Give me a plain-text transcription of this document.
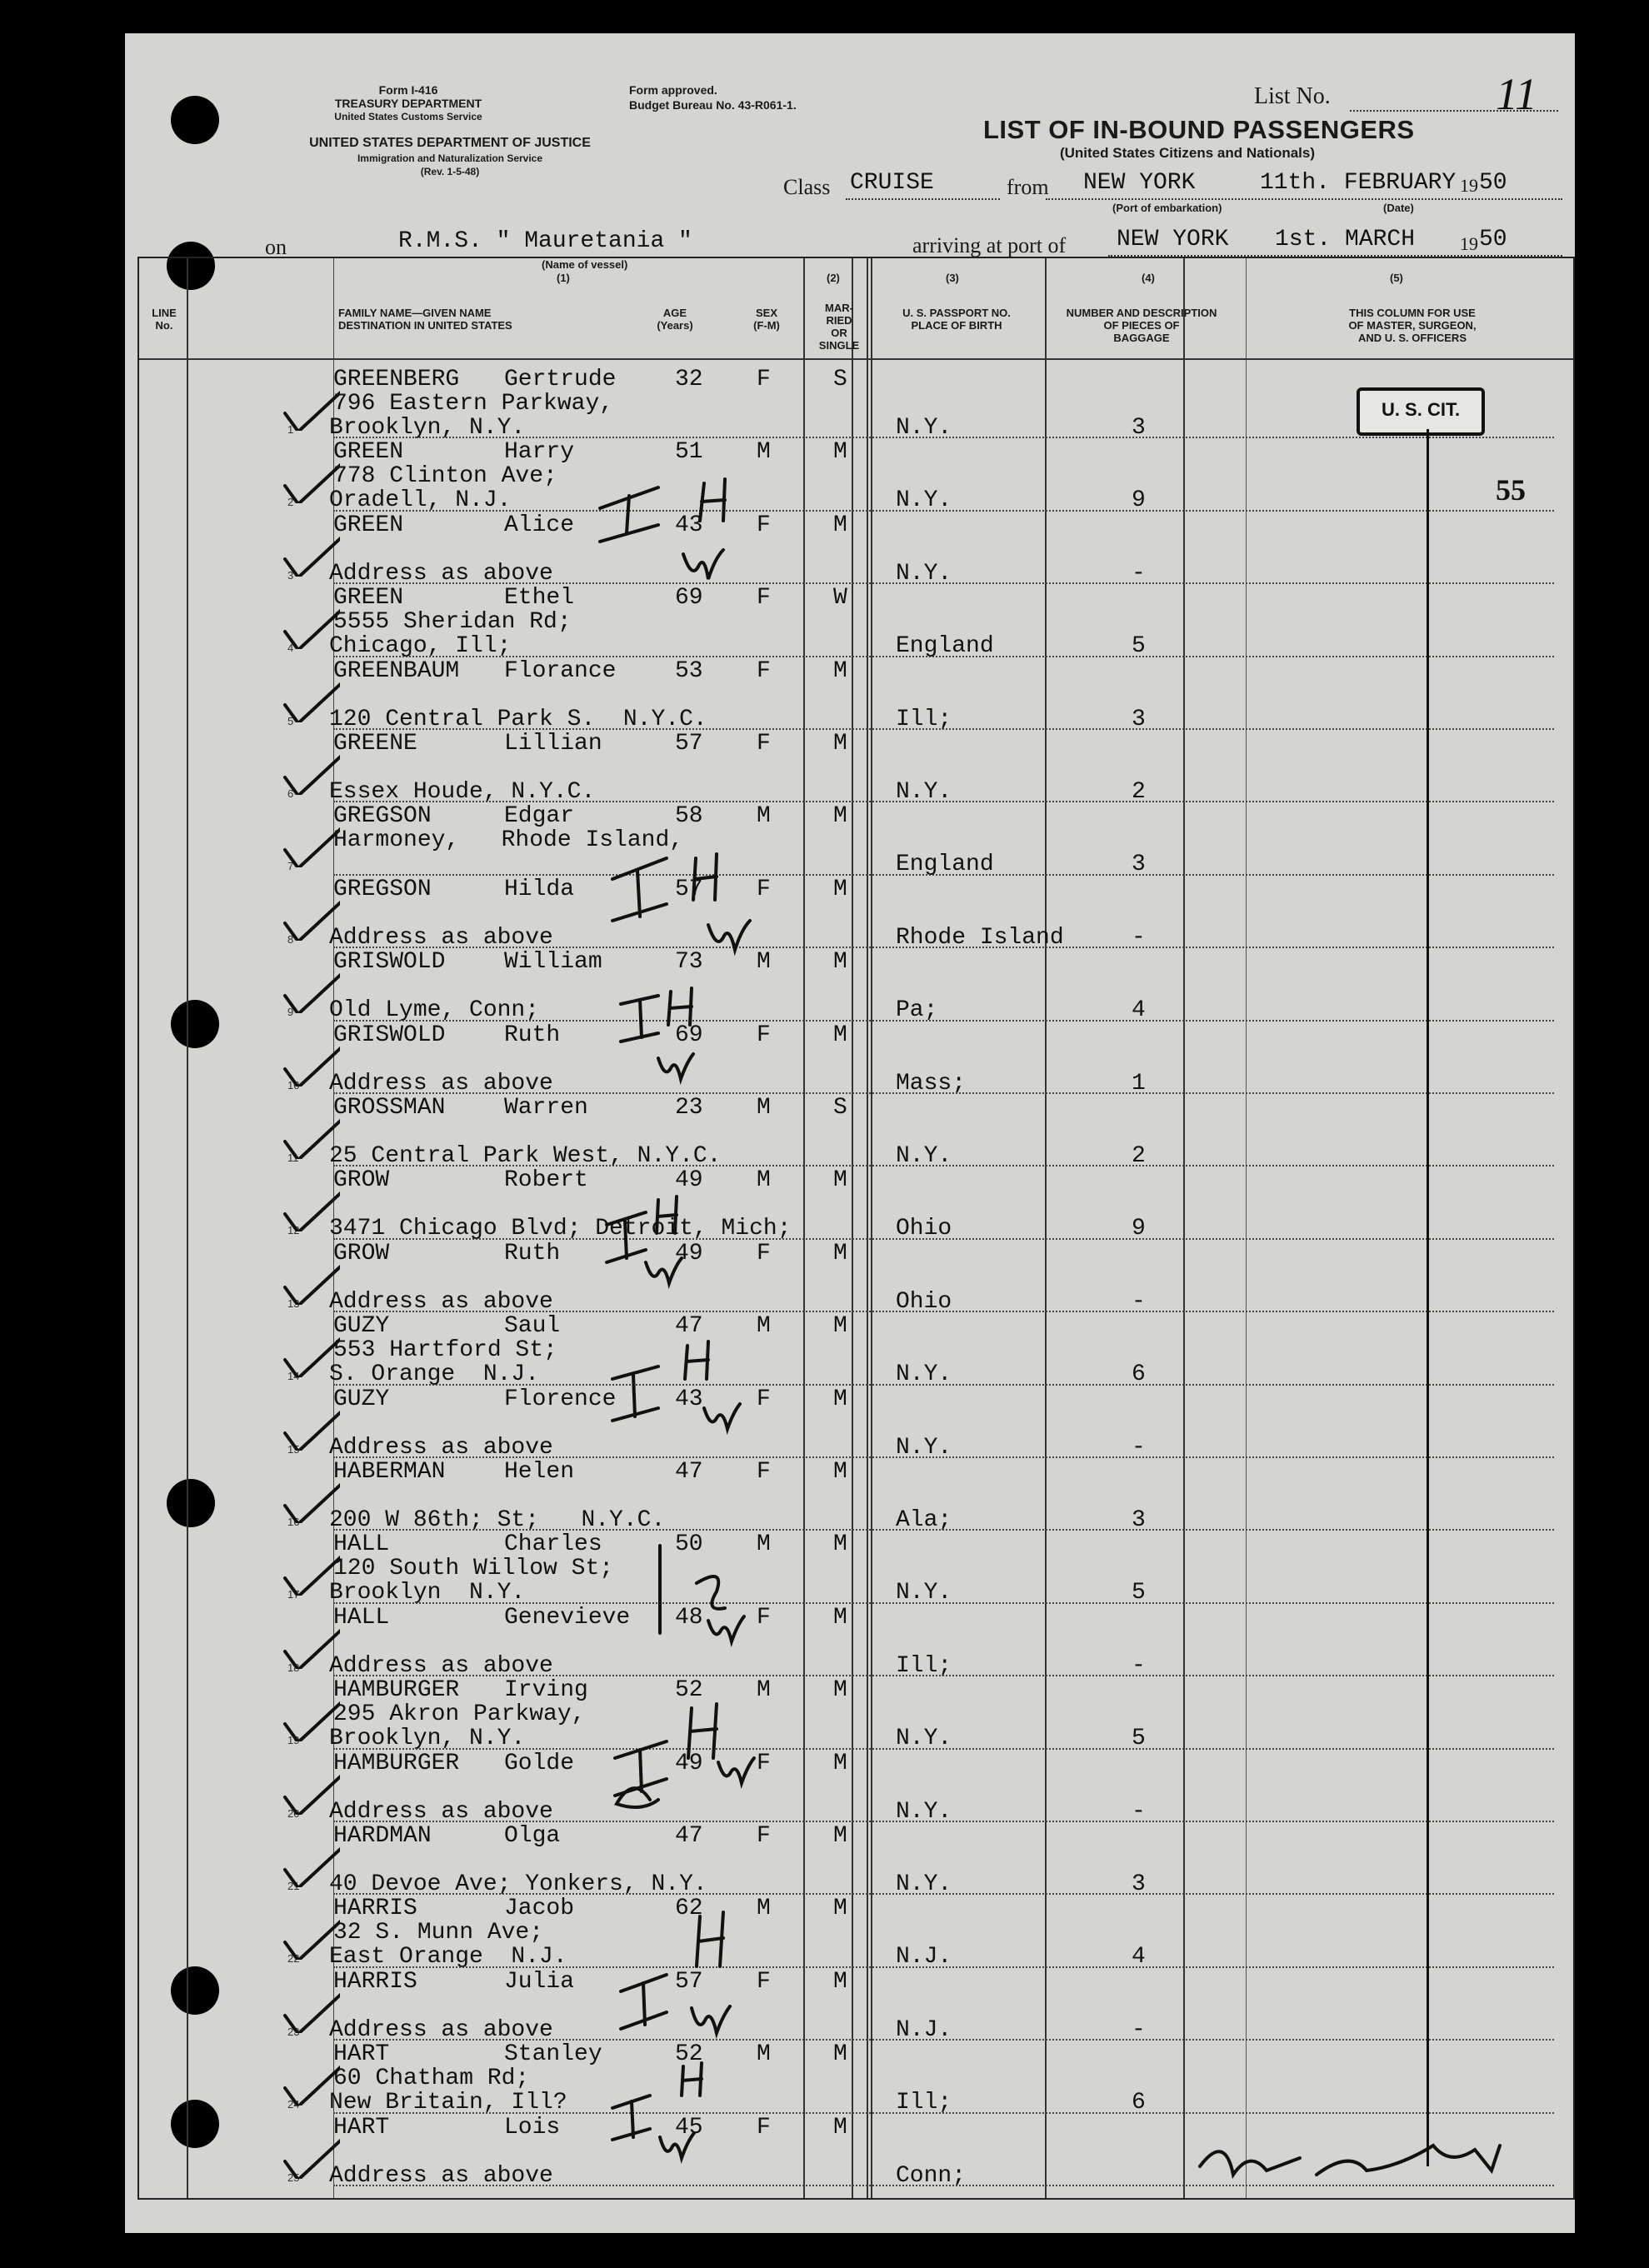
Form I-416
TREASURY DEPARTMENT
United States Customs Service
Form approved.
Budget Bureau No. 43-R061-1.
UNITED STATES DEPARTMENT OF JUSTICE
Immigration and Naturalization Service
(Rev. 1-5-48)
List No.	11
LIST OF IN-BOUND PASSENGERS
(United States Citizens and Nationals)
Class CRUISE	from NEW YORK	11th. FEBRUARY 19 50
(Port of embarkation)	(Date)
on	R.M.S. " Mauretania "
(Name of vessel)
arriving at port of NEW YORK 1st. MARCH 19 50
(1)	(2)	(3)	(4)	(5)
LINE
No.
FAMILY NAME—GIVEN NAME
DESTINATION IN UNITED STATES
AGE
(Years)
SEX
(F-M)
MAR-
RIED
OR
SINGLE
U. S. PASSPORT NO.
PLACE OF BIRTH
NUMBER AND DESCRIPTION
OF PIECES OF
BAGGAGE
THIS COLUMN FOR USE
OF MASTER, SURGEON,
AND U. S. OFFICERS
GREENBERG Gertrude	32 F	S
796 Eastern Parkway,
Brooklyn, N.Y.	N.Y.	3
1
GREEN	Harry	51 M	M
778 Clinton Ave;
Oradell, N.J.	N.Y.	9
2
GREEN	Alice	43 F	M
Address as above	N.Y.	-
3
GREEN	Ethel	69 F	W
5555 Sheridan Rd;
Chicago, Ill;	England	5
4
GREENBAUM Florance	53 F	M
120 Central Park S.  N.Y.C.	Ill;	3
5
GREENE	Lillian	57 F	M
Essex Houde, N.Y.C.	N.Y.	2
6
GREGSON	Edgar	58 M	M
Harmoney,   Rhode Island,
England	3
7
GREGSON	Hilda	57 F	M
Address as above	Rhode Island	-
8
GRISWOLD	William	73 M	M
Old Lyme, Conn;	Pa;	4
9
GRISWOLD	Ruth	69 F	M
Address as above	Mass;	1
10
GROSSMAN	Warren	23 M	S
25 Central Park West, N.Y.C.	N.Y.	2
11
GROW	Robert	49 M	M
3471 Chicago Blvd; Detroit, Mich;	Ohio	9
12
GROW	Ruth	49 F	M
Address as above	Ohio	-
13
GUZY	Saul	47 M	M
553 Hartford St;
S. Orange  N.J.	N.Y.	6
14
GUZY	Florence	43 F	M
Address as above	N.Y.	-
15
HABERMAN	Helen	47 F	M
200 W 86th; St;   N.Y.C.	Ala;	3
16
HALL	Charles	50 M	M
120 South Willow St;
Brooklyn  N.Y.	N.Y.	5
17
HALL	Genevieve 48 F	M
Address as above	Ill;	-
18
HAMBURGER Irving	52 M	M
295 Akron Parkway,
Brooklyn, N.Y.	N.Y.	5
19
HAMBURGER Golde	49 F	M
Address as above	N.Y.	-
20
HARDMAN	Olga	47 F	M
40 Devoe Ave; Yonkers, N.Y.	N.Y.	3
21
HARRIS	Jacob	62 M	M
32 S. Munn Ave;
East Orange  N.J.	N.J.	4
22
HARRIS	Julia	57 F	M
Address as above	N.J.	-
23
HART	Stanley	52 M	M
60 Chatham Rd;
New Britain, Ill?	Ill;	6
24
HART	Lois	45 F	M
Address as above	Conn;
25
U. S. CIT.
55
